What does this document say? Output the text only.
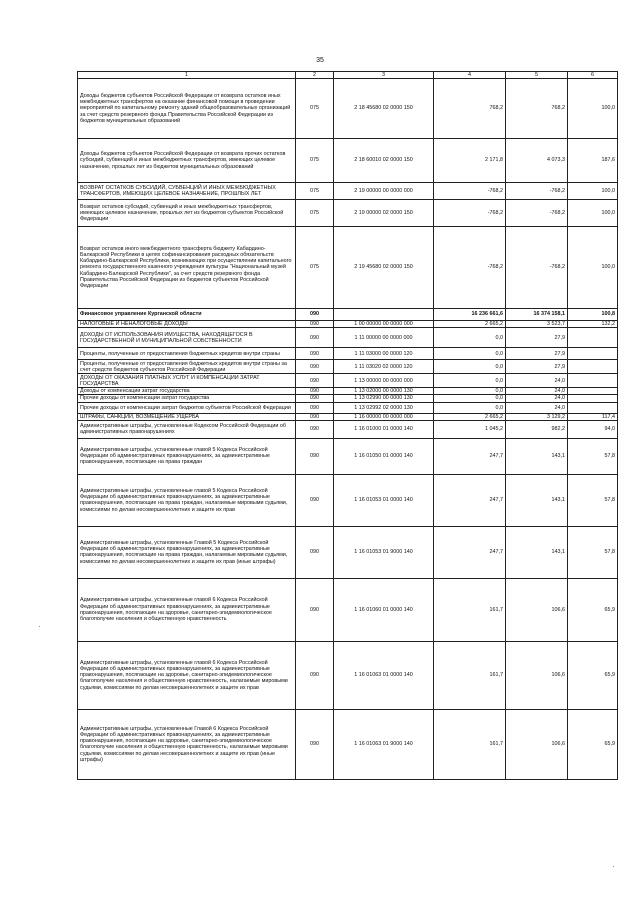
35
1	2	3	4	5	6
Доходы бюджетов субъектов Российской Федерации от возврата остатков иных межбюджетных трансфертов на оказание финансовой помощи в проведении мероприятий по капитальному ремонту зданий общеобразовательных организаций за счет средств резервного фонда Правительства Российской Федерации из бюджетов муниципальных образований	075	2 18 45680 02 0000 150	768,2	768,2	100,0
Доходы бюджетов субъектов Российской Федерации от возврата прочих остатков субсидий, субвенций и иных межбюджетных трансфертов, имеющих целевое назначение, прошлых лет из бюджетов муниципальных образований	075	2 18 60010 02 0000 150	2 171,8	4 073,3	187,6
ВОЗВРАТ ОСТАТКОВ СУБСИДИЙ, СУБВЕНЦИЙ И ИНЫХ МЕЖБЮДЖЕТНЫХ ТРАНСФЕРТОВ, ИМЕЮЩИХ ЦЕЛЕВОЕ НАЗНАЧЕНИЕ, ПРОШЛЫХ ЛЕТ	075	2 19 00000 00 0000 000	-768,2	-768,2	100,0
Возврат остатков субсидий, субвенций и иных межбюджетных трансфертов, имеющих целевое назначение, прошлых лет из бюджетов субъектов Российской Федерации	075	2 19 00000 02 0000 150	-768,2	-768,2	100,0
Возврат остатков иного межбюджетного трансферта бюджету Кабардино-Балкарской Республики в целях софинансирования расходных обязательств Кабардино-Балкарской Республики, возникающих при осуществлении капитального ремонта государственного казенного учреждения культуры "Национальный музей Кабардино-Балкарской Республики", за счет средств резервного фонда Правительства Российской Федерации из бюджетов субъектов Российской Федерации	075	2 19 45680 02 0000 150	-768,2	-768,2	100,0
Финансовое управление Курганской области	090		16 236 661,6	16 374 158,1	100,8
НАЛОГОВЫЕ И НЕНАЛОГОВЫЕ ДОХОДЫ	090	1 00 00000 00 0000 000	2 665,2	3 523,7	132,2
ДОХОДЫ ОТ ИСПОЛЬЗОВАНИЯ ИМУЩЕСТВА, НАХОДЯЩЕГОСЯ В ГОСУДАРСТВЕННОЙ И МУНИЦИПАЛЬНОЙ СОБСТВЕННОСТИ	090	1 11 00000 00 0000 000	0,0	27,9	
Проценты, полученные от предоставления бюджетных кредитов внутри страны	090	1 11 03000 00 0000 120	0,0	27,9	
Проценты, полученные от предоставления бюджетных кредитов внутри страны за счет средств бюджетов субъектов Российской Федерации	090	1 11 03020 02 0000 120	0,0	27,9	
ДОХОДЫ ОТ ОКАЗАНИЯ ПЛАТНЫХ УСЛУГ И КОМПЕНСАЦИИ ЗАТРАТ ГОСУДАРСТВА	090	1 13 00000 00 0000 000	0,0	24,0	
Доходы от компенсации затрат государства	090	1 13 02000 00 0000 130	0,0	24,0	
Прочие доходы от компенсации затрат государства	090	1 13 02990 00 0000 130	0,0	24,0	
Прочие доходы от компенсации затрат бюджетов субъектов Российской Федерации	090	1 13 02992 02 0000 130	0,0	24,0	
ШТРАФЫ, САНКЦИИ, ВОЗМЕЩЕНИЕ УЩЕРБА	090	1 16 00000 00 0000 000	2 665,2	3 129,2	117,4
Административные штрафы, установленные Кодексом Российской Федерации об административных правонарушениях	090	1 16 01000 01 0000 140	1 045,2	982,2	94,0
Административные штрафы, установленные главой 5 Кодекса Российской Федерации об административных правонарушениях, за административные правонарушения, посягающие на права граждан	090	1 16 01050 01 0000 140	247,7	143,1	57,8
Административные штрафы, установленные главой 5 Кодекса Российской Федерации об административных правонарушениях, за административные правонарушения, посягающие на права граждан, налагаемые мировыми судьями, комиссиями по делам несовершеннолетних и защите их прав	090	1 16 01053 01 0000 140	247,7	143,1	57,8
Административные штрафы, установленные Главой 5 Кодекса Российской Федерации об административных правонарушениях, за административные правонарушения, посягающие на права граждан, налагаемые мировыми судьями, комиссиями по делам несовершеннолетних и защите их прав (иные штрафы)	090	1 16 01053 01 9000 140	247,7	143,1	57,8
Административные штрафы, установленные главой 6 Кодекса Российской Федерации об административных правонарушениях, за административные правонарушения, посягающие на здоровье, санитарно-эпидемиологическое благополучие населения и общественную нравственность	090	1 16 01060 01 0000 140	161,7	106,6	65,9
Административные штрафы, установленные главой 6 Кодекса Российской Федерации об административных правонарушениях, за административные правонарушения, посягающие на здоровье, санитарно-эпидемиологическое благополучие населения и общественную нравственность, налагаемые мировыми судьями, комиссиями по делам несовершеннолетних и защите их прав	090	1 16 01063 01 0000 140	161,7	106,6	65,9
Административные штрафы, установленные Главой 6 Кодекса Российской Федерации об административных правонарушениях, за административные правонарушения, посягающие на здоровье, санитарно-эпидемиологическое благополучие населения и общественную нравственность, налагаемые мировыми судьями, комиссиями по делам несовершеннолетних и защите их прав (иные штрафы)	090	1 16 01063 01 9000 140	161,7	106,6	65,9
·
·
